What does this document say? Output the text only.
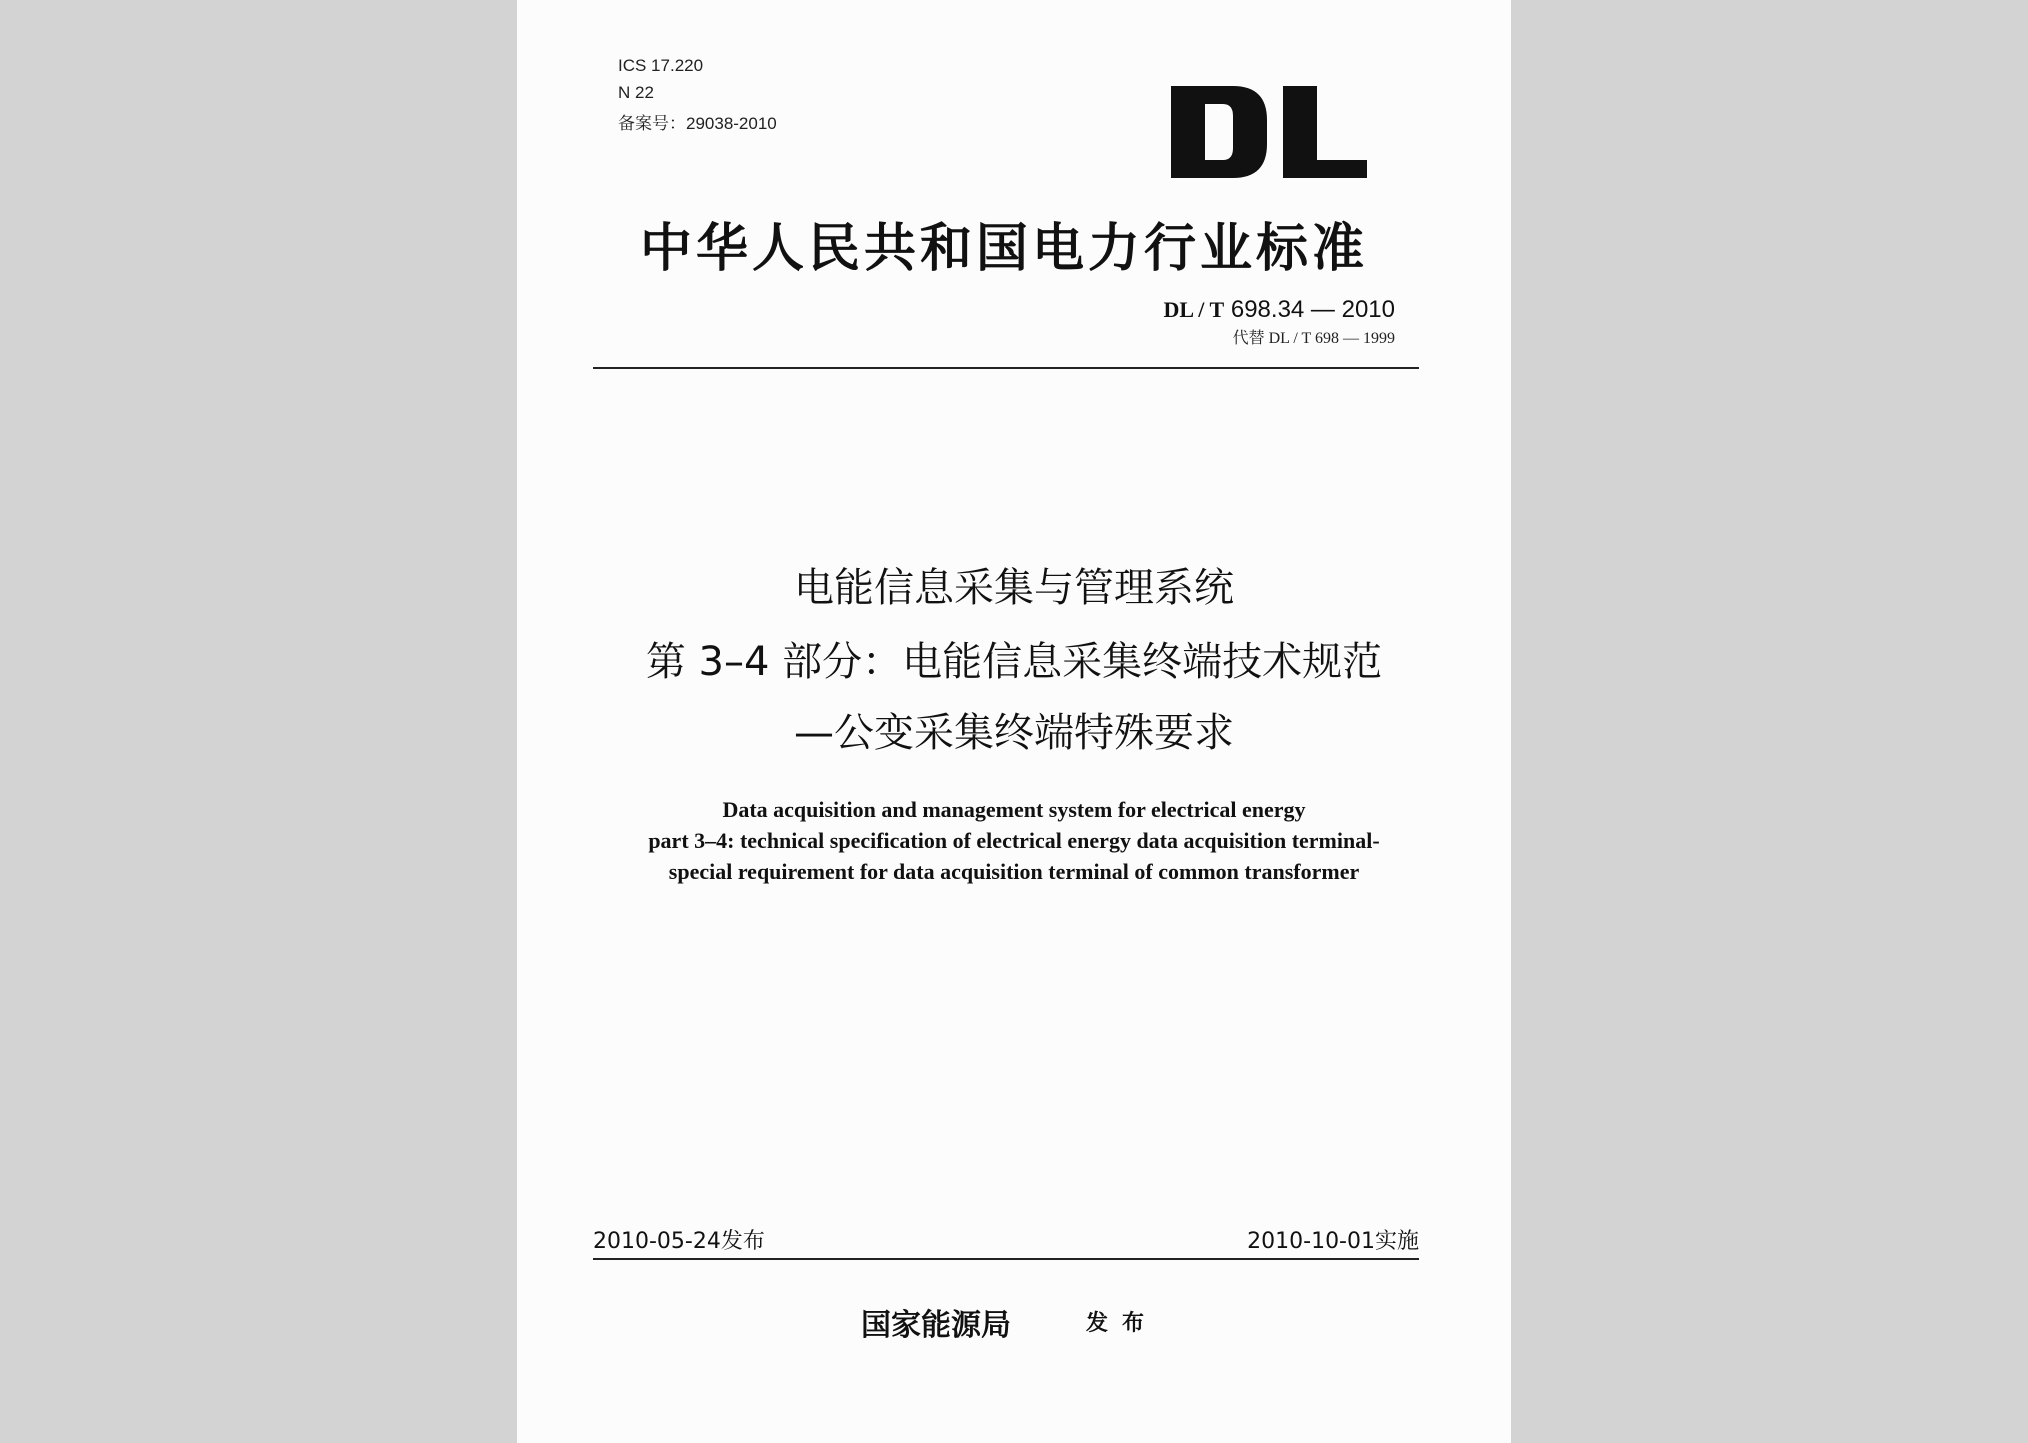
ICS 17.220
N 22
备案号：29038-2010
中华人民共和国电力行业标准
DL / T 698.34 — 2010
代替 DL / T 698 — 1999
电能信息采集与管理系统
第 3–4 部分：电能信息采集终端技术规范
—公变采集终端特殊要求
Data acquisition and management system for electrical energy
part 3–4: technical specification of electrical energy data acquisition terminal-
special requirement for data acquisition terminal of common transformer
2010-05-24发布	2010-10-01实施
国家能源局	发布
